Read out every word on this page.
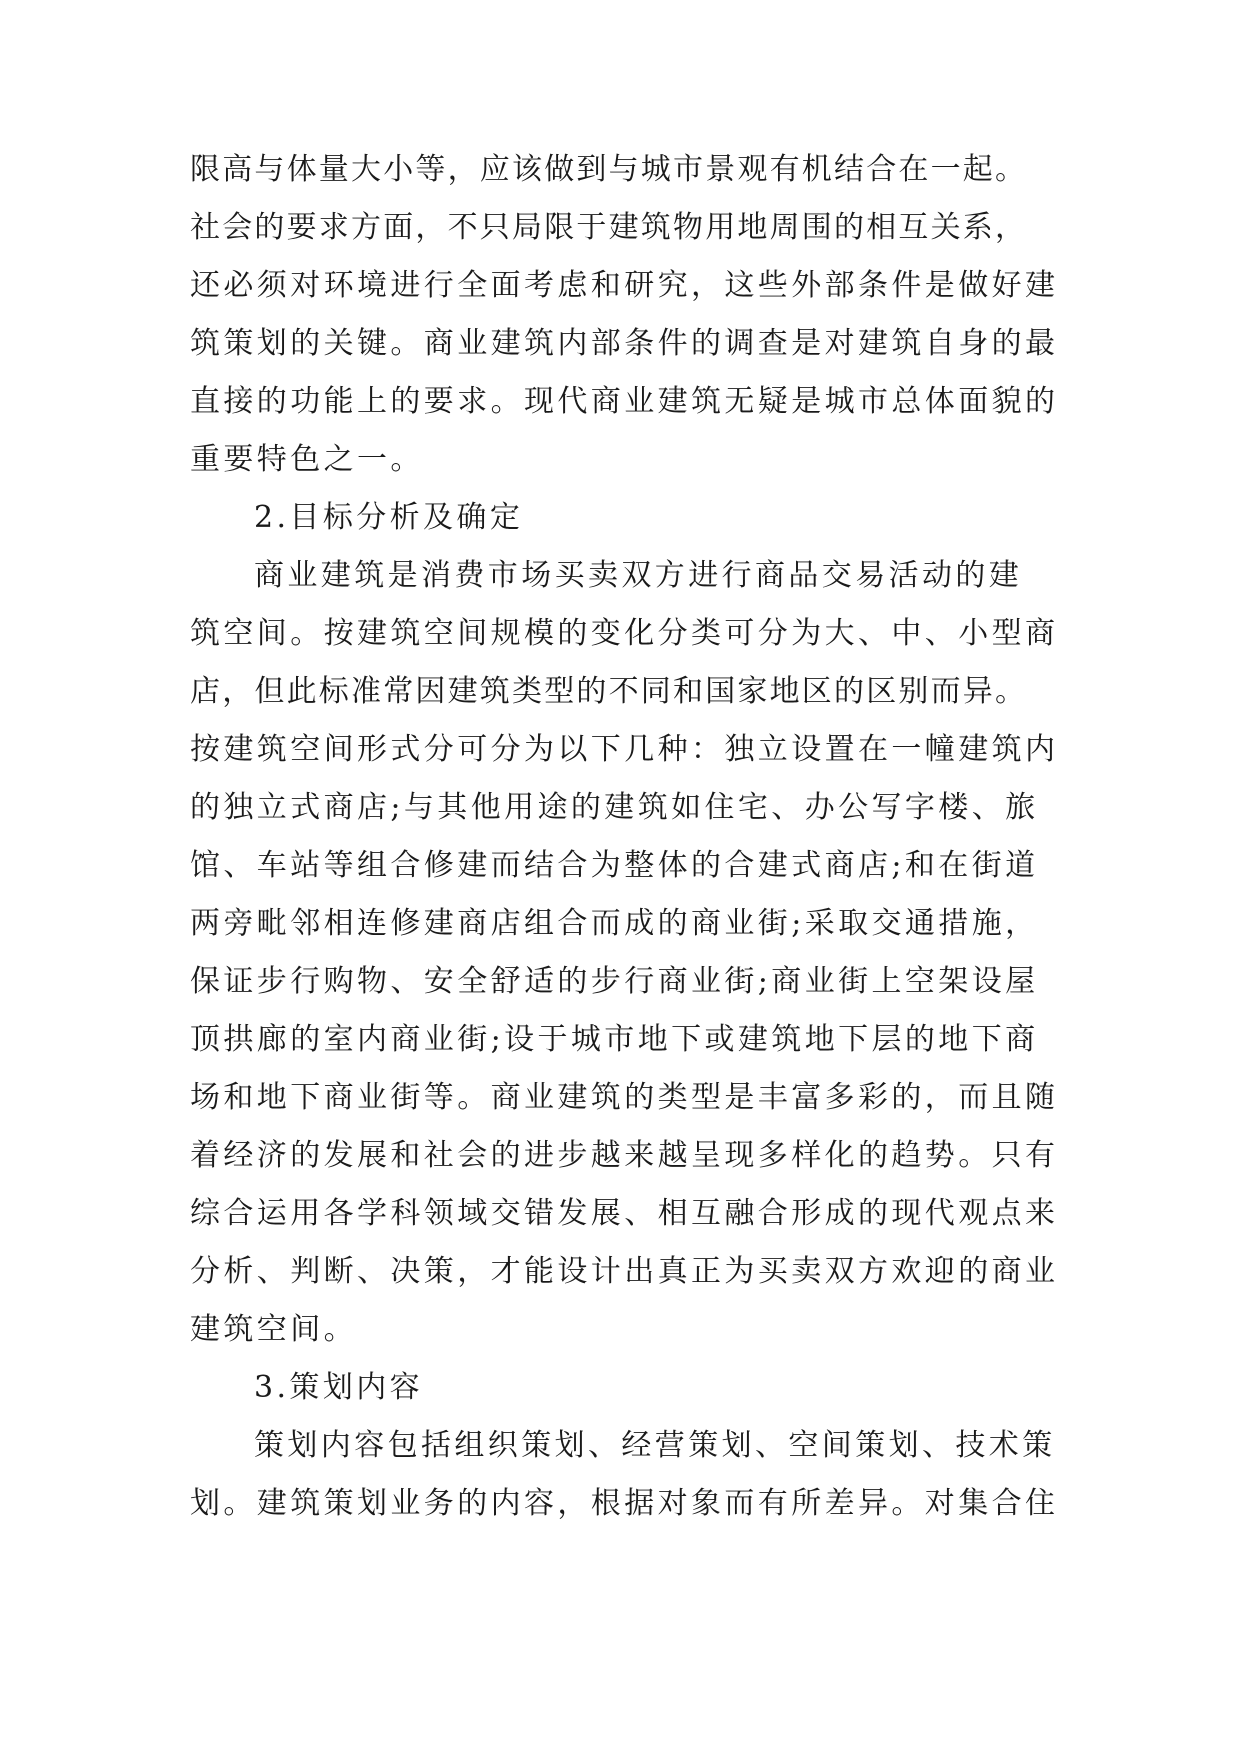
限高与体量大小等，应该做到与城市景观有机结合在一起。
社会的要求方面，不只局限于建筑物用地周围的相互关系，
还必须对环境进行全面考虑和研究，这些外部条件是做好建
筑策划的关键。商业建筑内部条件的调查是对建筑自身的最
直接的功能上的要求。现代商业建筑无疑是城市总体面貌的
重要特色之一。
2.目标分析及确定
商业建筑是消费市场买卖双方进行商品交易活动的建
筑空间。按建筑空间规模的变化分类可分为大、中、小型商
店，但此标准常因建筑类型的不同和国家地区的区别而异。
按建筑空间形式分可分为以下几种：独立设置在一幢建筑内
的独立式商店;与其他用途的建筑如住宅、办公写字楼、旅
馆、车站等组合修建而结合为整体的合建式商店;和在街道
两旁毗邻相连修建商店组合而成的商业街;采取交通措施，
保证步行购物、安全舒适的步行商业街;商业街上空架设屋
顶拱廊的室内商业街;设于城市地下或建筑地下层的地下商
场和地下商业街等。商业建筑的类型是丰富多彩的，而且随
着经济的发展和社会的进步越来越呈现多样化的趋势。只有
综合运用各学科领域交错发展、相互融合形成的现代观点来
分析、判断、决策，才能设计出真正为买卖双方欢迎的商业
建筑空间。
3.策划内容
策划内容包括组织策划、经营策划、空间策划、技术策
划。建筑策划业务的内容，根据对象而有所差异。对集合住
